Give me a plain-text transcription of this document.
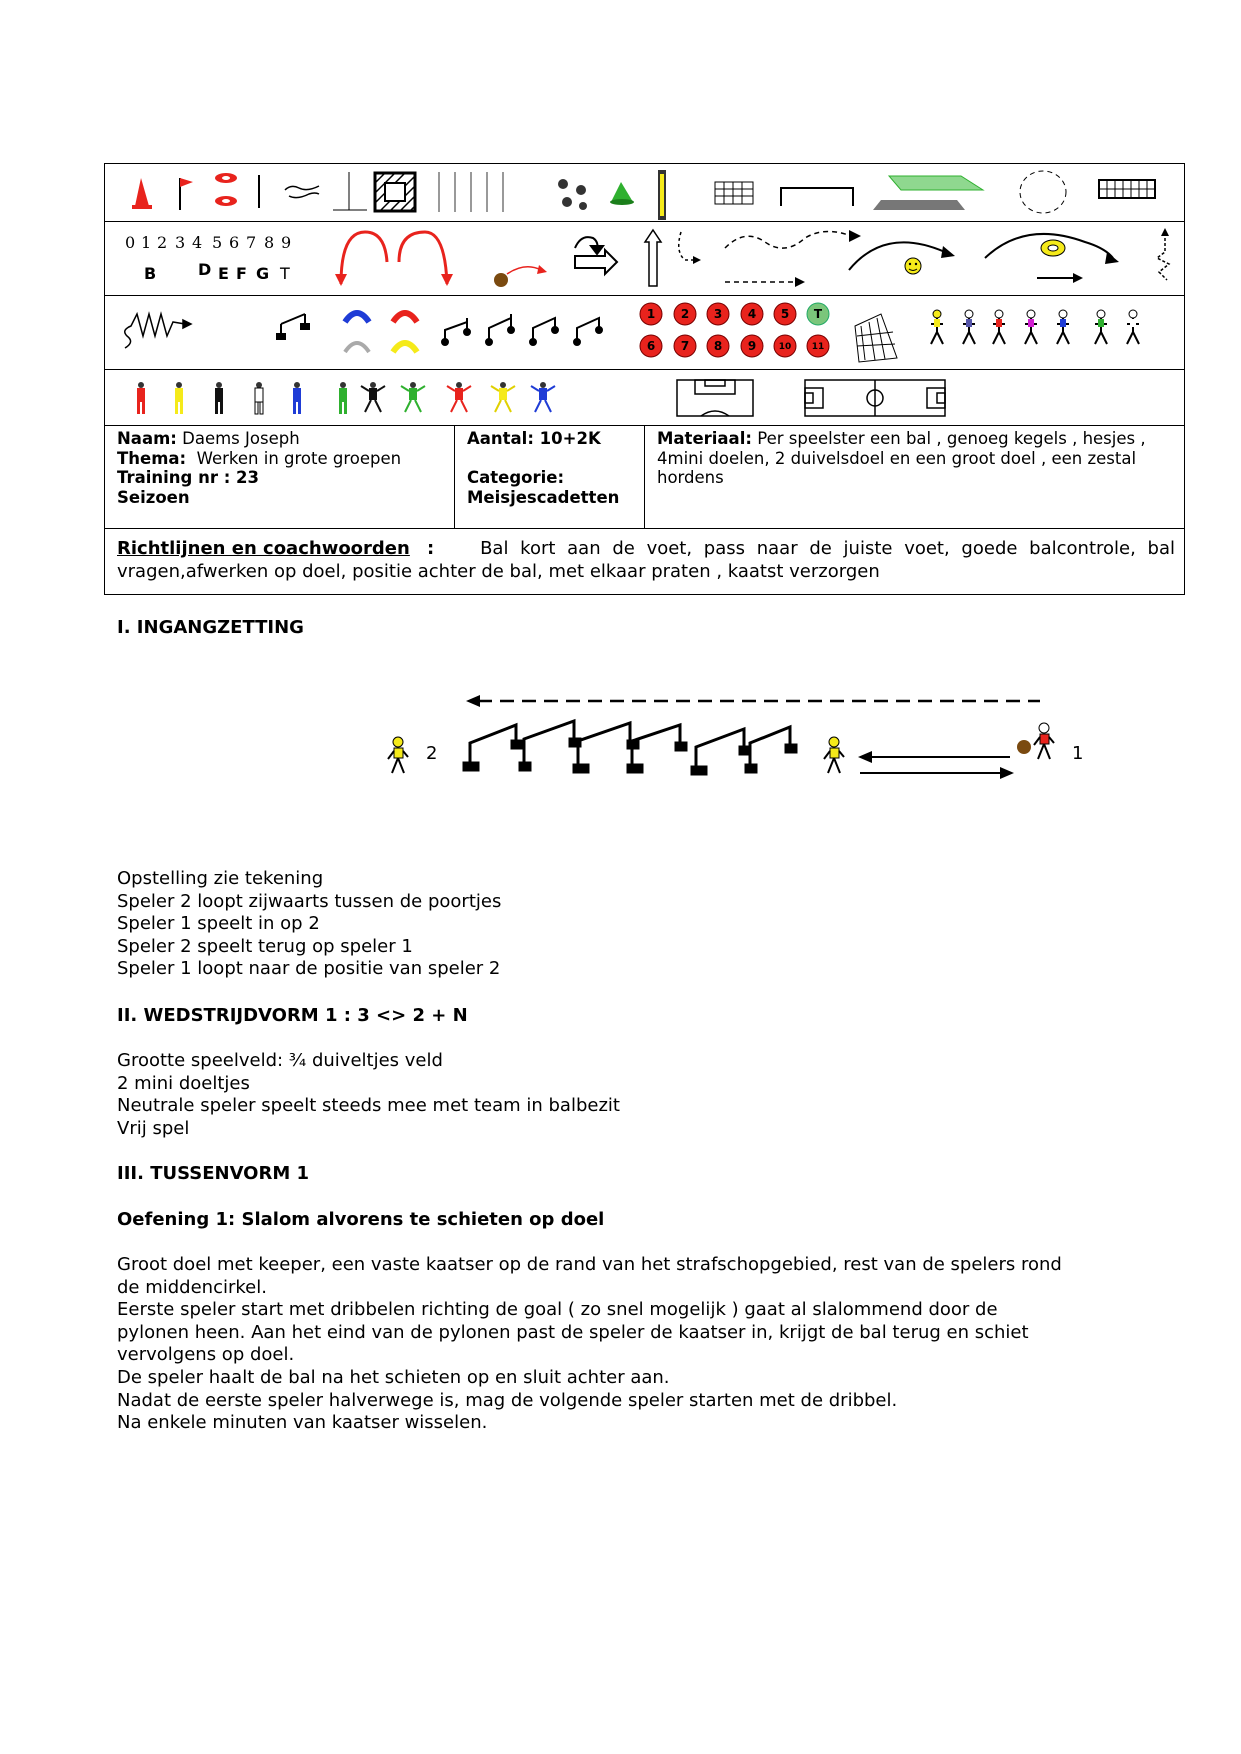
0 1 2 3 4 5 6 7 8 9
B	D E F G T
1 2 3 4 5 T
6 7 8 9	10 11
Naam: Daems Joseph
Thema: Werken in grote groepen
Training nr : 23
Seizoen
Aantal: 10+2K

Categorie:
Meisjescadetten
Materiaal: Per speelster een bal , genoeg kegels , hesjes ,
4mini doelen, 2 duivelsdoel en een groot doel , een zestal
hordens
Richtlijnen en coachwoorden :	Bal kort aan de voet, pass naar de juiste voet, goede balcontrole, bal
vragen,afwerken op doel, positie achter de bal, met elkaar praten , kaatst verzorgen
I. INGANGZETTING
2	1
Opstelling zie tekening
Speler 2 loopt zijwaarts tussen de poortjes
Speler 1 speelt in op 2
Speler 2 speelt terug op speler 1
Speler 1 loopt naar de positie van speler 2
II. WEDSTRIJDVORM 1 : 3 <> 2 + N
Grootte speelveld: ¾ duiveltjes veld
2 mini doeltjes
Neutrale speler speelt steeds mee met team in balbezit
Vrij spel
III. TUSSENVORM 1
Oefening 1: Slalom alvorens te schieten op doel
Groot doel met keeper, een vaste kaatser op de rand van het strafschopgebied, rest van de spelers rond
de middencirkel.
Eerste speler start met dribbelen richting de goal ( zo snel mogelijk ) gaat al slalommend door de
pylonen heen. Aan het eind van de pylonen past de speler de kaatser in, krijgt de bal terug en schiet
vervolgens op doel.
De speler haalt de bal na het schieten op en sluit achter aan.
Nadat de eerste speler halverwege is, mag de volgende speler starten met de dribbel.
Na enkele minuten van kaatser wisselen.
